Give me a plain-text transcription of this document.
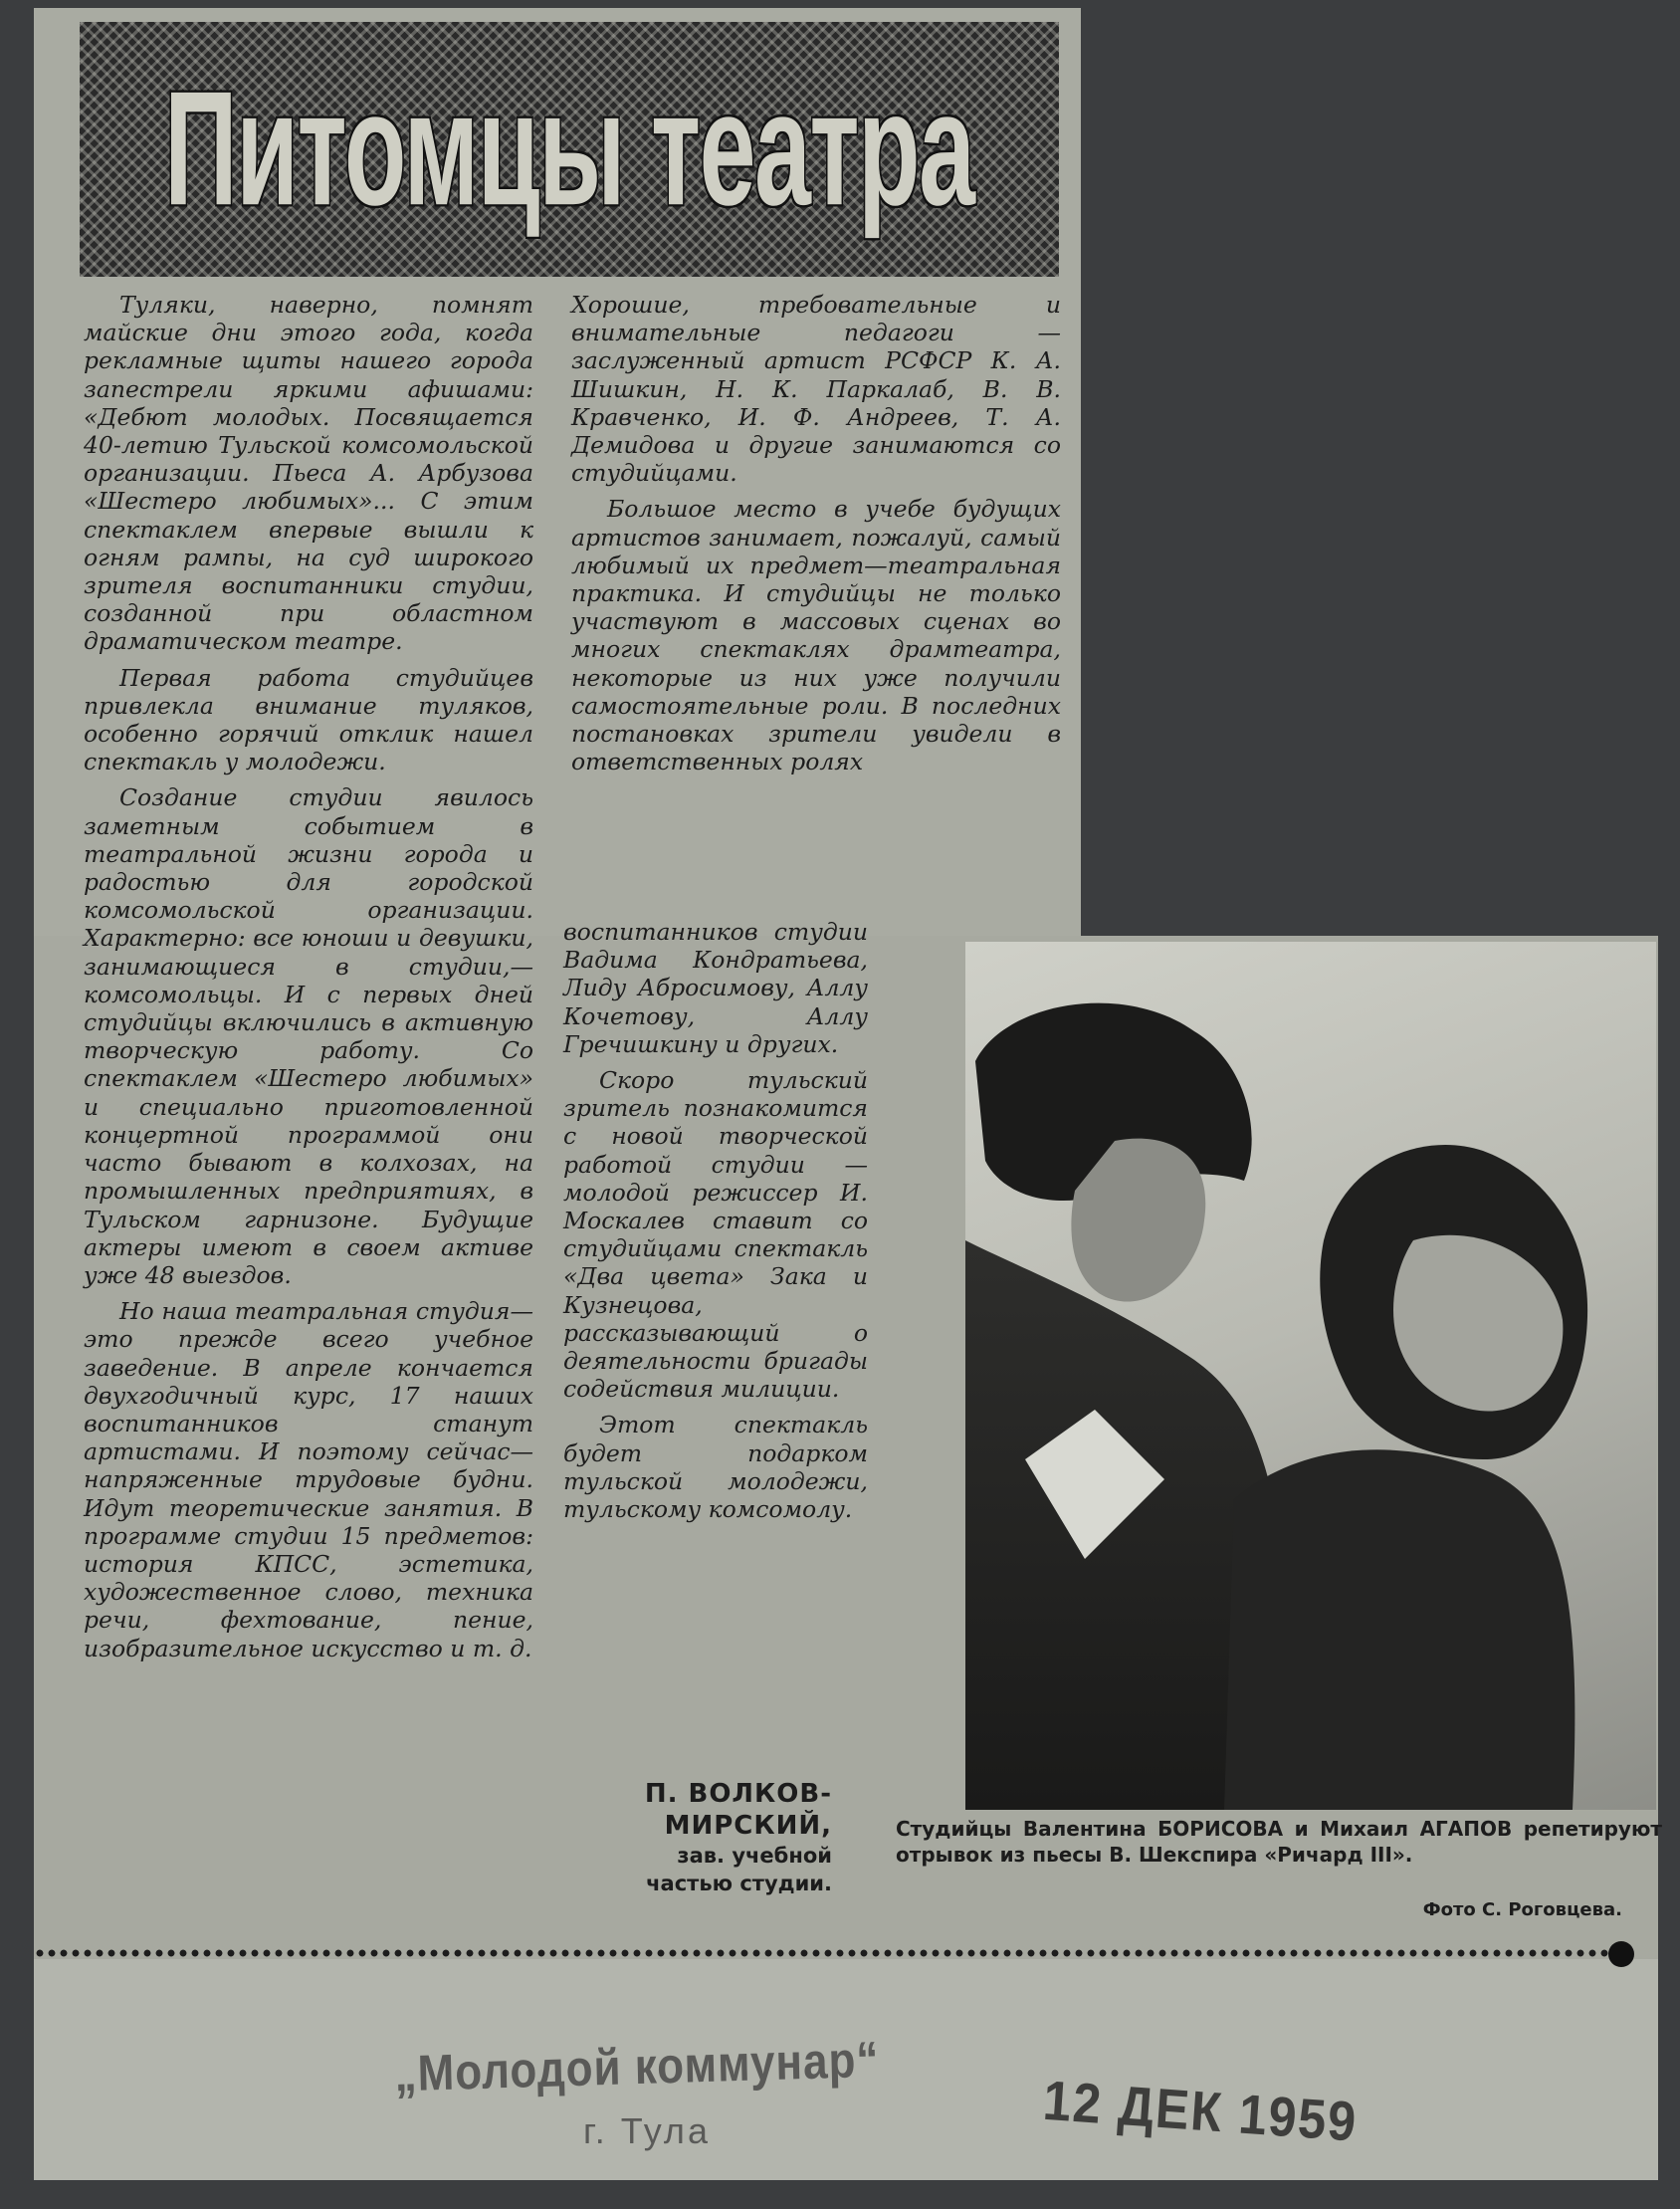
Питомцы театра

Туляки, наверно, помнят майские дни этого года, когда рекламные щиты нашего города запестрели яркими афишами: «Дебют молодых. Посвящается 40-летию Тульской комсомольской организации. Пьеса А. Арбузова «Шестеро любимых»... С этим спектаклем впервые вышли к огням рампы, на суд широкого зрителя воспитанники студии, созданной при областном драматическом театре.

Первая работа студийцев привлекла внимание туляков, особенно горячий отклик нашел спектакль у молодежи.

Создание студии явилось заметным событием в театральной жизни города и радостью для городской комсомольской организации. Характерно: все юноши и девушки, занимающиеся в студии,—комсомольцы. И с первых дней студийцы включились в активную творческую работу. Со спектаклем «Шестеро любимых» и специально приготовленной концертной программой они часто бывают в колхозах, на промышленных предприятиях, в Тульском гарнизоне. Будущие актеры имеют в своем активе уже 48 выездов.

Но наша театральная студия—это прежде всего учебное заведение. В апреле кончается двухгодичный курс, 17 наших воспитанников станут артистами. И поэтому сейчас—напряженные трудовые будни. Идут теоретические занятия. В программе студии 15 предметов: история КПСС, эстетика, художественное слово, техника речи, фехтование, пение, изобразительное искусство и т. д.

Хорошие, требовательные и внимательные педагоги — заслуженный артист РСФСР К. А. Шишкин, Н. К. Паркалаб, В. В. Кравченко, И. Ф. Андреев, Т. А. Демидова и другие занимаются со студийцами.

Большое место в учебе будущих артистов занимает, пожалуй, самый любимый их предмет—театральная практика. И студийцы не только участвуют в массовых сценах во многих спектаклях драмтеатра, некоторые из них уже получили самостоятельные роли. В последних постановках зрители увидели в ответственных ролях

воспитанников студии Вадима Кондратьева, Лиду Абросимову, Аллу Кочетову, Аллу Гречишкину и других.

Скоро тульский зритель познакомится с новой творческой работой студии — молодой режиссер И. Москалев ставит со студийцами спектакль «Два цвета» Зака и Кузнецова, рассказывающий о деятельности бригады содействия милиции.

Этот спектакль будет подарком тульской молодежи, тульскому комсомолу.

П. ВОЛКОВ-
МИРСКИЙ,
зав. учебной
частью студии.
Студийцы Валентина БОРИСОВА и Михаил АГАПОВ репетируют отрывок из пьесы В. Шекспира «Ричард III».
Фото С. Роговцева.
„Молодой коммунар“
г. Тула	12 ДЕК 1959
